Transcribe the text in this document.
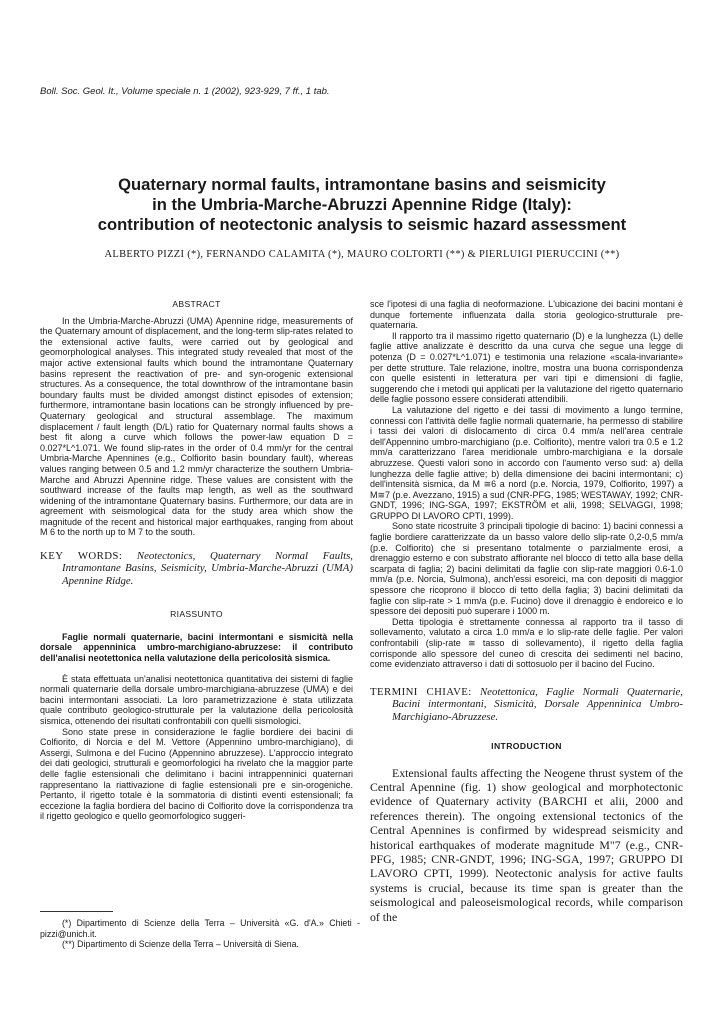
Boll. Soc. Geol. It., Volume speciale n. 1 (2002), 923-929, 7 ff., 1 tab.
Quaternary normal faults, intramontane basins and seismicity
in the Umbria-Marche-Abruzzi Apennine Ridge (Italy):
contribution of neotectonic analysis to seismic hazard assessment
ALBERTO PIZZI (*), FERNANDO CALAMITA (*), MAURO COLTORTI (**) & PIERLUIGI PIERUCCINI (**)
ABSTRACT

In the Umbria-Marche-Abruzzi (UMA) Apennine ridge, measurements of the Quaternary amount of displacement, and the long-term slip-rates related to the extensional active faults, were carried out by geological and geomorphological analyses. This integrated study revealed that most of the major active extensional faults which bound the intramontane Quaternary basins represent the reactivation of pre- and syn-orogenic extensional structures. As a consequence, the total downthrow of the intramontane basin boundary faults must be divided amongst distinct episodes of extension; furthermore, intramontane basin locations can be strongly influenced by pre-Quaternary geological and structural assemblage. The maximum displacement / fault length (D/L) ratio for Quaternary normal faults shows a best fit along a curve which follows the power-law equation D = 0.027*L^1.071. We found slip-rates in the order of 0.4 mm/yr for the central Umbria-Marche Apennines (e.g., Colfiorito basin boundary fault), whereas values ranging between 0.5 and 1.2 mm/yr characterize the southern Umbria-Marche and Abruzzi Apennine ridge. These values are consistent with the southward increase of the faults map length, as well as the southward widening of the intramontane Quaternary basins. Furthermore, our data are in agreement with seismological data for the study area which show the magnitude of the recent and historical major earthquakes, ranging from about M 6 to the north up to M 7 to the south.

KEY WORDS: Neotectonics, Quaternary Normal Faults, Intramontane Basins, Seismicity, Umbria-Marche-Abruzzi (UMA) Apennine Ridge.

RIASSUNTO

Faglie normali quaternarie, bacini intermontani e sismicità nella dorsale appenninica umbro-marchigiano-abruzzese: il contributo dell'analisi neotettonica nella valutazione della pericolosità sismica.

È stata effettuata un'analisi neotettonica quantitativa dei sistemi di faglie normali quaternarie della dorsale umbro-marchigiana-abruzzese (UMA) e dei bacini intermontani associati. La loro parametrizzazione è stata utilizzata quale contributo geologico-strutturale per la valutazione della pericolosità sismica, ottenendo dei risultati confrontabili con quelli sismologici.

Sono state prese in considerazione le faglie bordiere dei bacini di Colfiorito, di Norcia e del M. Vettore (Appennino umbro-marchigiano), di Assergi, Sulmona e del Fucino (Appennino abruzzese). L'approccio integrato dei dati geologici, strutturali e geomorfologici ha rivelato che la maggior parte delle faglie estensionali che delimitano i bacini intrappenninici quaternari rappresentano la riattivazione di faglie estensionali pre e sin-orogeniche. Pertanto, il rigetto totale è la sommatoria di distinti eventi estensionali; fa eccezione la faglia bordiera del bacino di Colfiorito dove la corrispondenza tra il rigetto geologico e quello geomorfologico suggeri-

sce l'ipotesi di una faglia di neoformazione. L'ubicazione dei bacini montani è dunque fortemente influenzata dalla storia geologico-strutturale pre-quaternaria.

Il rapporto tra il massimo rigetto quaternario (D) e la lunghezza (L) delle faglie attive analizzate è descritto da una curva che segue una legge di potenza (D = 0.027*L^1.071) e testimonia una relazione «scala-invariante» per dette strutture. Tale relazione, inoltre, mostra una buona corrispondenza con quelle esistenti in letteratura per vari tipi e dimensioni di faglie, suggerendo che i metodi qui applicati per la valutazione del rigetto quaternario delle faglie possono essere considerati attendibili.

La valutazione del rigetto e dei tassi di movimento a lungo termine, connessi con l'attività delle faglie normali quaternarie, ha permesso di stabilire i tassi dei valori di dislocamento di circa 0.4 mm/a nell'area centrale dell'Appennino umbro-marchigiano (p.e. Colfiorito), mentre valori tra 0.5 e 1.2 mm/a caratterizzano l'area meridionale umbro-marchigiana e la dorsale abruzzese. Questi valori sono in accordo con l'aumento verso sud: a) della lunghezza delle faglie attive; b) della dimensione dei bacini intermontani; c) dell'intensità sismica, da M ≅6 a nord (p.e. Norcia, 1979, Colfiorito, 1997) a M≅7 (p.e. Avezzano, 1915) a sud (CNR-PFG, 1985; WESTAWAY, 1992; CNR-GNDT, 1996; ING-SGA, 1997; EKSTRÖM et alii, 1998; SELVAGGI, 1998; GRUPPO DI LAVORO CPTI, 1999).

Sono state ricostruite 3 principali tipologie di bacino: 1) bacini connessi a faglie bordiere caratterizzate da un basso valore dello slip-rate 0,2-0,5 mm/a (p.e. Colfiorito) che si presentano totalmente o parzialmente erosi, a drenaggio esterno e con substrato affiorante nel blocco di tetto alla base della scarpata di faglia; 2) bacini delimitati da faglie con slip-rate maggiori 0.6-1.0 mm/a (p.e. Norcia, Sulmona), anch'essi esoreici, ma con depositi di maggior spessore che ricoprono il blocco di tetto della faglia; 3) bacini delimitati da faglie con slip-rate > 1 mm/a (p.e. Fucino) dove il drenaggio è endoreico e lo spessore dei depositi può superare i 1000 m.

Detta tipologia è strettamente connessa al rapporto tra il tasso di sollevamento, valutato a circa 1.0 mm/a e lo slip-rate delle faglie. Per valori confrontabili (slip-rate ≅ tasso di sollevamento), il rigetto della faglia corrisponde allo spessore del cuneo di crescita dei sedimenti nel bacino, come evidenziato attraverso i dati di sottosuolo per il bacino del Fucino.

TERMINI CHIAVE: Neotettonica, Faglie Normali Quaternarie, Bacini intermontani, Sismicità, Dorsale Appenninica Umbro-Marchigiano-Abruzzese.

INTRODUCTION

Extensional faults affecting the Neogene thrust system of the Central Apennine (fig. 1) show geological and morphotectonic evidence of Quaternary activity (BARCHI et alii, 2000 and references therein). The ongoing extensional tectonics of the Central Apennines is confirmed by widespread seismicity and historical earthquakes of moderate magnitude M"7 (e.g., CNR-PFG, 1985; CNR-GNDT, 1996; ING-SGA, 1997; GRUPPO DI LAVORO CPTI, 1999). Neotectonic analysis for active faults systems is crucial, because its time span is greater than the seismological and paleoseismological records, while comparison of the

(*) Dipartimento di Scienze della Terra – Università «G. d'A.» Chieti - pizzi@unich.it.

(**) Dipartimento di Scienze della Terra – Università di Siena.
